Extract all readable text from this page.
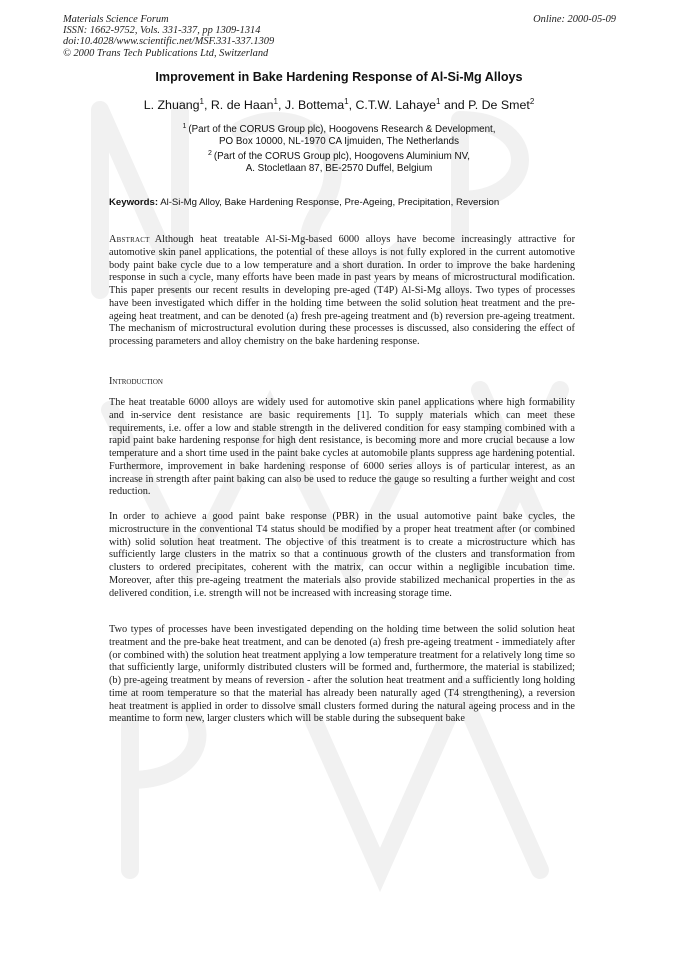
Materials Science Forum
ISSN: 1662-9752, Vols. 331-337, pp 1309-1314
doi:10.4028/www.scientific.net/MSF.331-337.1309
© 2000 Trans Tech Publications Ltd, Switzerland
Online: 2000-05-09
Improvement in Bake Hardening Response of Al-Si-Mg Alloys
L. Zhuang$^1$, R. de Haan$^1$, J. Bottema$^1$, C.T.W. Lahaye$^1$ and P. De Smet$^2$
$^1$  (Part of the CORUS Group plc), Hoogovens Research & Development,
PO Box 10000, NL-1970 CA Ijmuiden, The Netherlands
$^2$  (Part of the CORUS Group plc), Hoogovens Aluminium NV,
A. Stocletlaan 87, BE-2570 Duffel, Belgium
Keywords: Al-Si-Mg Alloy, Bake Hardening Response, Pre-Ageing, Precipitation, Reversion

Abstract  Although heat treatable Al-Si-Mg-based 6000 alloys have become increasingly attractive for automotive skin panel applications, the potential of these alloys is not fully explored in the current automotive body paint bake cycle due to a low temperature and a short duration. In order to improve the bake hardening response in such a cycle, many efforts have been made in past years by means of microstructural modification. This paper presents our recent results in developing pre-aged (T4P) Al-Si-Mg alloys. Two types of processes have been investigated which differ in the holding time between the solid solution heat treatment and the pre-ageing heat treatment, and can be denoted (a) fresh pre-ageing treatment and (b) reversion pre-ageing treatment. The mechanism of microstructural evolution during these processes is discussed, also considering the effect of processing parameters and alloy chemistry on the bake hardening response.

Introduction

The heat treatable 6000 alloys are widely used for automotive skin panel applications where high formability and in-service dent resistance are basic requirements [1]. To supply materials which can meet these requirements, i.e. offer a low and stable strength in the delivered condition for easy stamping combined with a rapid paint bake hardening response for high dent resistance, is becoming more and more crucial because a low temperature and a short time used in the paint bake cycles at automobile plants suppress age hardening potential. Furthermore, improvement in bake hardening response of 6000 series alloys is of particular interest, as an increase in strength after paint baking can also be used to reduce the gauge so resulting a further weight and cost reduction.

In order to achieve a good paint bake response (PBR) in the usual automotive paint bake cycles, the microstructure in the conventional T4 status should be modified by a proper heat treatment after (or combined with) solid solution heat treatment. The objective of this treatment is to create a microstructure which has sufficiently large clusters in the matrix so that a continuous growth of the clusters and transformation from clusters to ordered precipitates, coherent with the matrix, can occur within a negligible incubation time. Moreover, after this pre-ageing treatment the materials also provide stabilized mechanical properties in the as delivered condition, i.e. strength will not be increased with increasing storage time.

Two types of processes have been investigated depending on the holding time between the solid solution heat treatment and the pre-bake heat treatment, and can be denoted (a) fresh pre-ageing treatment - immediately after (or combined with) the solution heat treatment applying a low temperature treatment for a relatively long time so that sufficiently large, uniformly distributed clusters will be formed and, furthermore, the material is stabilized; (b) pre-ageing treatment by means of reversion - after the solution heat treatment and a sufficiently long holding time at room temperature so that the material has already been naturally aged (T4 strengthening), a reversion heat treatment is applied in order to dissolve small clusters formed during the natural ageing process and in the meantime to form new, larger clusters which will be stable during the subsequent bake
